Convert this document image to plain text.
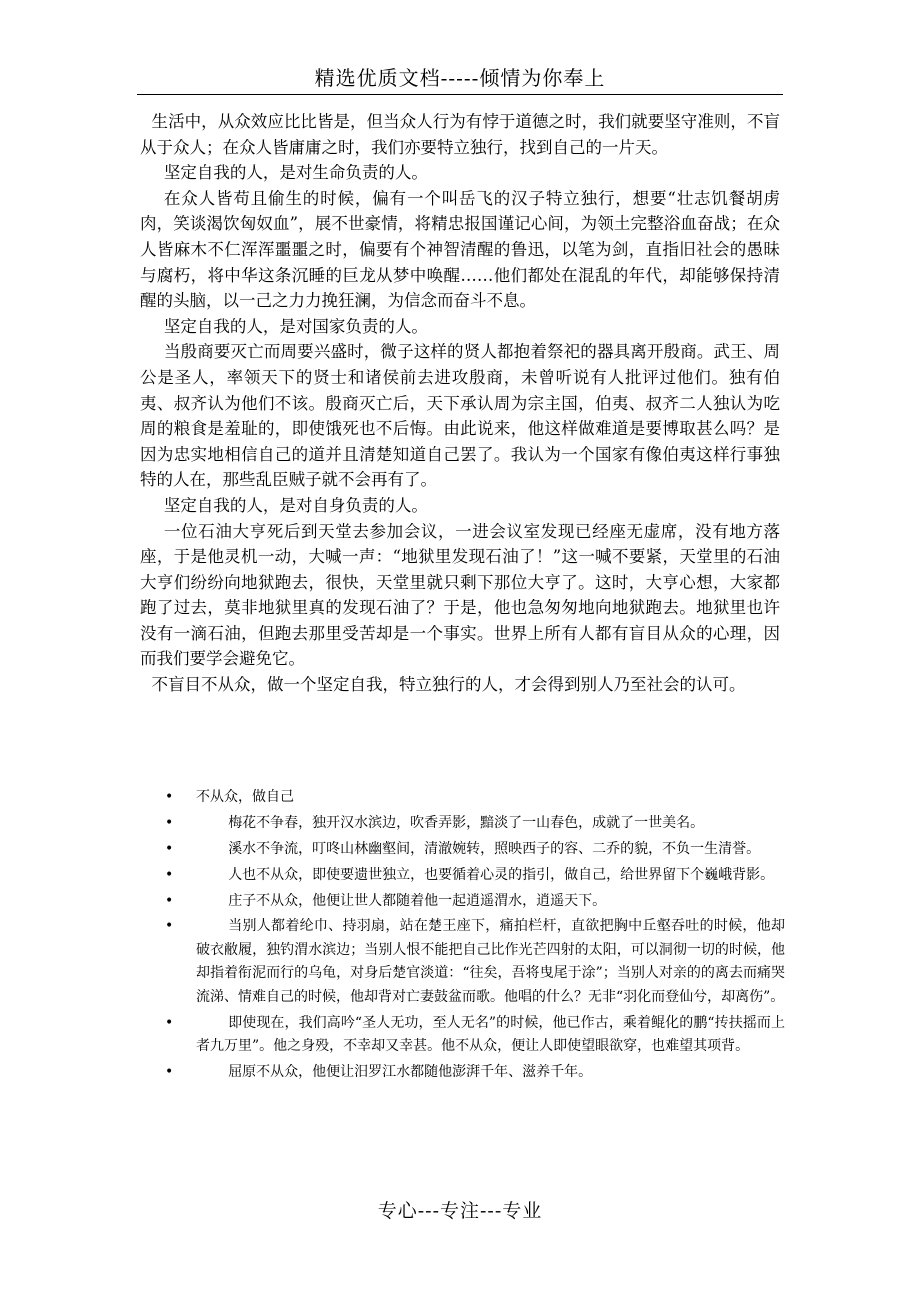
精选优质文档-----倾情为你奉上

生活中，从众效应比比皆是，但当众人行为有悖于道德之时，我们就要坚守准则，不盲从于众人；在众人皆庸庸之时，我们亦要特立独行，找到自己的一片天。

坚定自我的人，是对生命负责的人。

在众人皆苟且偷生的时候，偏有一个叫岳飞的汉子特立独行，想要“壮志饥餐胡虏肉，笑谈渴饮匈奴血”，展不世豪情，将精忠报国谨记心间，为领土完整浴血奋战；在众人皆麻木不仁浑浑噩噩之时，偏要有个神智清醒的鲁迅，以笔为剑，直指旧社会的愚昧与腐朽，将中华这条沉睡的巨龙从梦中唤醒……他们都处在混乱的年代，却能够保持清醒的头脑，以一己之力力挽狂澜，为信念而奋斗不息。

坚定自我的人，是对国家负责的人。

当殷商要灭亡而周要兴盛时，微子这样的贤人都抱着祭祀的器具离开殷商。武王、周公是圣人，率领天下的贤士和诸侯前去进攻殷商，未曾听说有人批评过他们。独有伯夷、叔齐认为他们不该。殷商灭亡后，天下承认周为宗主国，伯夷、叔齐二人独认为吃周的粮食是羞耻的，即使饿死也不后悔。由此说来，他这样做难道是要博取甚么吗？是因为忠实地相信自己的道并且清楚知道自己罢了。我认为一个国家有像伯夷这样行事独特的人在，那些乱臣贼子就不会再有了。

坚定自我的人，是对自身负责的人。

一位石油大亨死后到天堂去参加会议，一进会议室发现已经座无虚席，没有地方落座，于是他灵机一动，大喊一声：“地狱里发现石油了！”这一喊不要紧，天堂里的石油大亨们纷纷向地狱跑去，很快，天堂里就只剩下那位大亨了。这时，大亨心想，大家都跑了过去，莫非地狱里真的发现石油了？于是，他也急匆匆地向地狱跑去。地狱里也许没有一滴石油，但跑去那里受苦却是一个事实。世界上所有人都有盲目从众的心理，因而我们要学会避免它。

不盲目不从众，做一个坚定自我，特立独行的人，才会得到别人乃至社会的认可。

• 不从众，做自己
•	梅花不争春，独开汉水滨边，吹香弄影，黯淡了一山春色，成就了一世美名。
•	溪水不争流，叮咚山林幽壑间，清澈婉转，照映西子的容、二乔的貌，不负一生清誉。
•	人也不从众，即使要遗世独立，也要循着心灵的指引，做自己，给世界留下个巍峨背影。
•	庄子不从众，他便让世人都随着他一起逍遥渭水，逍遥天下。
•	当别人都着纶巾、持羽扇，站在楚王座下，痛拍栏杆，直欲把胸中丘壑吞吐的时候，他却破衣敝履，独钓渭水滨边；当别人恨不能把自己比作光芒四射的太阳，可以洞彻一切的时候，他却指着衔泥而行的乌龟，对身后楚官淡道：“往矣，吾将曳尾于涂”；当别人对亲的的离去而痛哭流涕、情难自己的时候，他却背对亡妻鼓盆而歌。他唱的什么？无非“羽化而登仙兮，却离伤”。
•	即使现在，我们高吟“圣人无功，至人无名”的时候，他已作古，乘着鲲化的鹏“抟扶摇而上者九万里”。他之身殁，不幸却又幸甚。他不从众，便让人即使望眼欲穿，也难望其项背。
•	屈原不从众，他便让汨罗江水都随他澎湃千年、滋养千年。
专心---专注---专业
